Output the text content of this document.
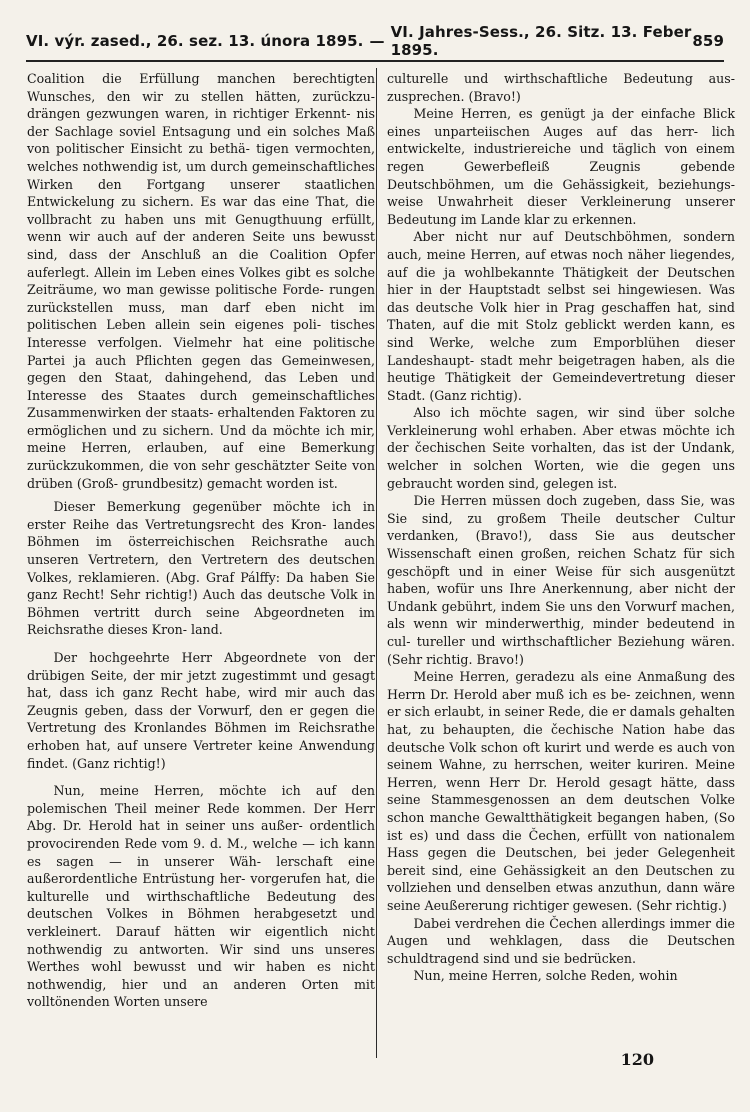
VI. výr. zased., 26. sez. 13. února 1895. — VI. Jahres-Sess., 26. Sitz. 13. Feber 1895.	859

Coalition die Erfüllung manchen berechtigten Wunsches, den wir zu stellen hätten, zurückzu- drängen gezwungen waren, in richtiger Erkennt- nis der Sachlage soviel Entsagung und ein solches Maß von politischer Einsicht zu bethä- tigen vermochten, welches nothwendig ist, um durch gemeinschaftliches Wirken den Fortgang unserer staatlichen Entwickelung zu sichern. Es war das eine That, die vollbracht zu haben uns mit Genugthuung erfüllt, wenn wir auch auf der anderen Seite uns bewusst sind, dass der Anschluß an die Coalition Opfer auferlegt. Allein im Leben eines Volkes gibt es solche Zeiträume, wo man gewisse politische Forde- rungen zurückstellen muss, man darf eben nicht im politischen Leben allein sein eigenes poli- tisches Interesse verfolgen. Vielmehr hat eine politische Partei ja auch Pflichten gegen das Gemeinwesen, gegen den Staat, dahingehend, das Leben und Interesse des Staates durch gemeinschaftliches Zusammenwirken der staats- erhaltenden Faktoren zu ermöglichen und zu sichern. Und da möchte ich mir, meine Herren, erlauben, auf eine Bemerkung zurückzukommen, die von sehr geschätzter Seite von drüben (Groß- grundbesitz) gemacht worden ist.

Dieser Bemerkung gegenüber möchte ich in erster Reihe das Vertretungsrecht des Kron- landes Böhmen im österreichischen Reichsrathe auch unseren Vertretern, den Vertretern des deutschen Volkes, reklamieren. (Abg. Graf Pálffy: Da haben Sie ganz Recht! Sehr richtig!) Auch das deutsche Volk in Böhmen vertritt durch seine Abgeordneten im Reichsrathe dieses Kron- land.

Der hochgeehrte Herr Abgeordnete von der drübigen Seite, der mir jetzt zugestimmt und gesagt hat, dass ich ganz Recht habe, wird mir auch das Zeugnis geben, dass der Vorwurf, den er gegen die Vertretung des Kronlandes Böhmen im Reichsrathe erhoben hat, auf unsere Vertreter keine Anwendung findet. (Ganz richtig!)

Nun, meine Herren, möchte ich auf den polemischen Theil meiner Rede kommen. Der Herr Abg. Dr. Herold hat in seiner uns außer- ordentlich provocirenden Rede vom 9. d. M., welche — ich kann es sagen — in unserer Wäh- lerschaft eine außerordentliche Entrüstung her- vorgerufen hat, die kulturelle und wirthschaftliche Bedeutung des deutschen Volkes in Böhmen herabgesetzt und verkleinert. Darauf hätten wir eigentlich nicht nothwendig zu antworten. Wir sind uns unseres Werthes wohl bewusst und wir haben es nicht nothwendig, hier und an anderen Orten mit volltönenden Worten unsere

culturelle und wirthschaftliche Bedeutung aus- zusprechen. (Bravo!)

Meine Herren, es genügt ja der einfache Blick eines unparteiischen Auges auf das herr- lich entwickelte, industriereiche und täglich von einem regen Gewerbefleiß Zeugnis gebende Deutschböhmen, um die Gehässigkeit, beziehungs- weise Unwahrheit dieser Verkleinerung unserer Bedeutung im Lande klar zu erkennen.

Aber nicht nur auf Deutschböhmen, sondern auch, meine Herren, auf etwas noch näher liegendes, auf die ja wohlbekannte Thätigkeit der Deutschen hier in der Hauptstadt selbst sei hingewiesen. Was das deutsche Volk hier in Prag geschaffen hat, sind Thaten, auf die mit Stolz geblickt werden kann, es sind Werke, welche zum Emporblühen dieser Landeshaupt- stadt mehr beigetragen haben, als die heutige Thätigkeit der Gemeindevertretung dieser Stadt. (Ganz richtig).

Also ich möchte sagen, wir sind über solche Verkleinerung wohl erhaben. Aber etwas möchte ich der čechischen Seite vorhalten, das ist der Undank, welcher in solchen Worten, wie die gegen uns gebraucht worden sind, gelegen ist.

Die Herren müssen doch zugeben, dass Sie, was Sie sind, zu großem Theile deutscher Cultur verdanken, (Bravo!), dass Sie aus deutscher Wissenschaft einen großen, reichen Schatz für sich geschöpft und in einer Weise für sich ausgenützt haben, wofür uns Ihre Anerkennung, aber nicht der Undank gebührt, indem Sie uns den Vorwurf machen, als wenn wir minderwerthig, minder bedeutend in cul- tureller und wirthschaftlicher Beziehung wären. (Sehr richtig. Bravo!)

Meine Herren, geradezu als eine Anmaßung des Herrn Dr. Herold aber muß ich es be- zeichnen, wenn er sich erlaubt, in seiner Rede, die er damals gehalten hat, zu behaupten, die čechische Nation habe das deutsche Volk schon oft kurirt und werde es auch von seinem Wahne, zu herrschen, weiter kuriren. Meine Herren, wenn Herr Dr. Herold gesagt hätte, dass seine Stammesgenossen an dem deutschen Volke schon manche Gewaltthätigkeit begangen haben, (So ist es) und dass die Čechen, erfüllt von nationalem Hass gegen die Deutschen, bei jeder Gelegenheit bereit sind, eine Gehässigkeit an den Deutschen zu vollziehen und denselben etwas anzuthun, dann wäre seine Aeußererung richtiger gewesen. (Sehr richtig.)

Dabei verdrehen die Čechen allerdings immer die Augen und wehklagen, dass die Deutschen schuldtragend sind und sie bedrücken.

Nun, meine Herren, solche Reden, wohin

120
